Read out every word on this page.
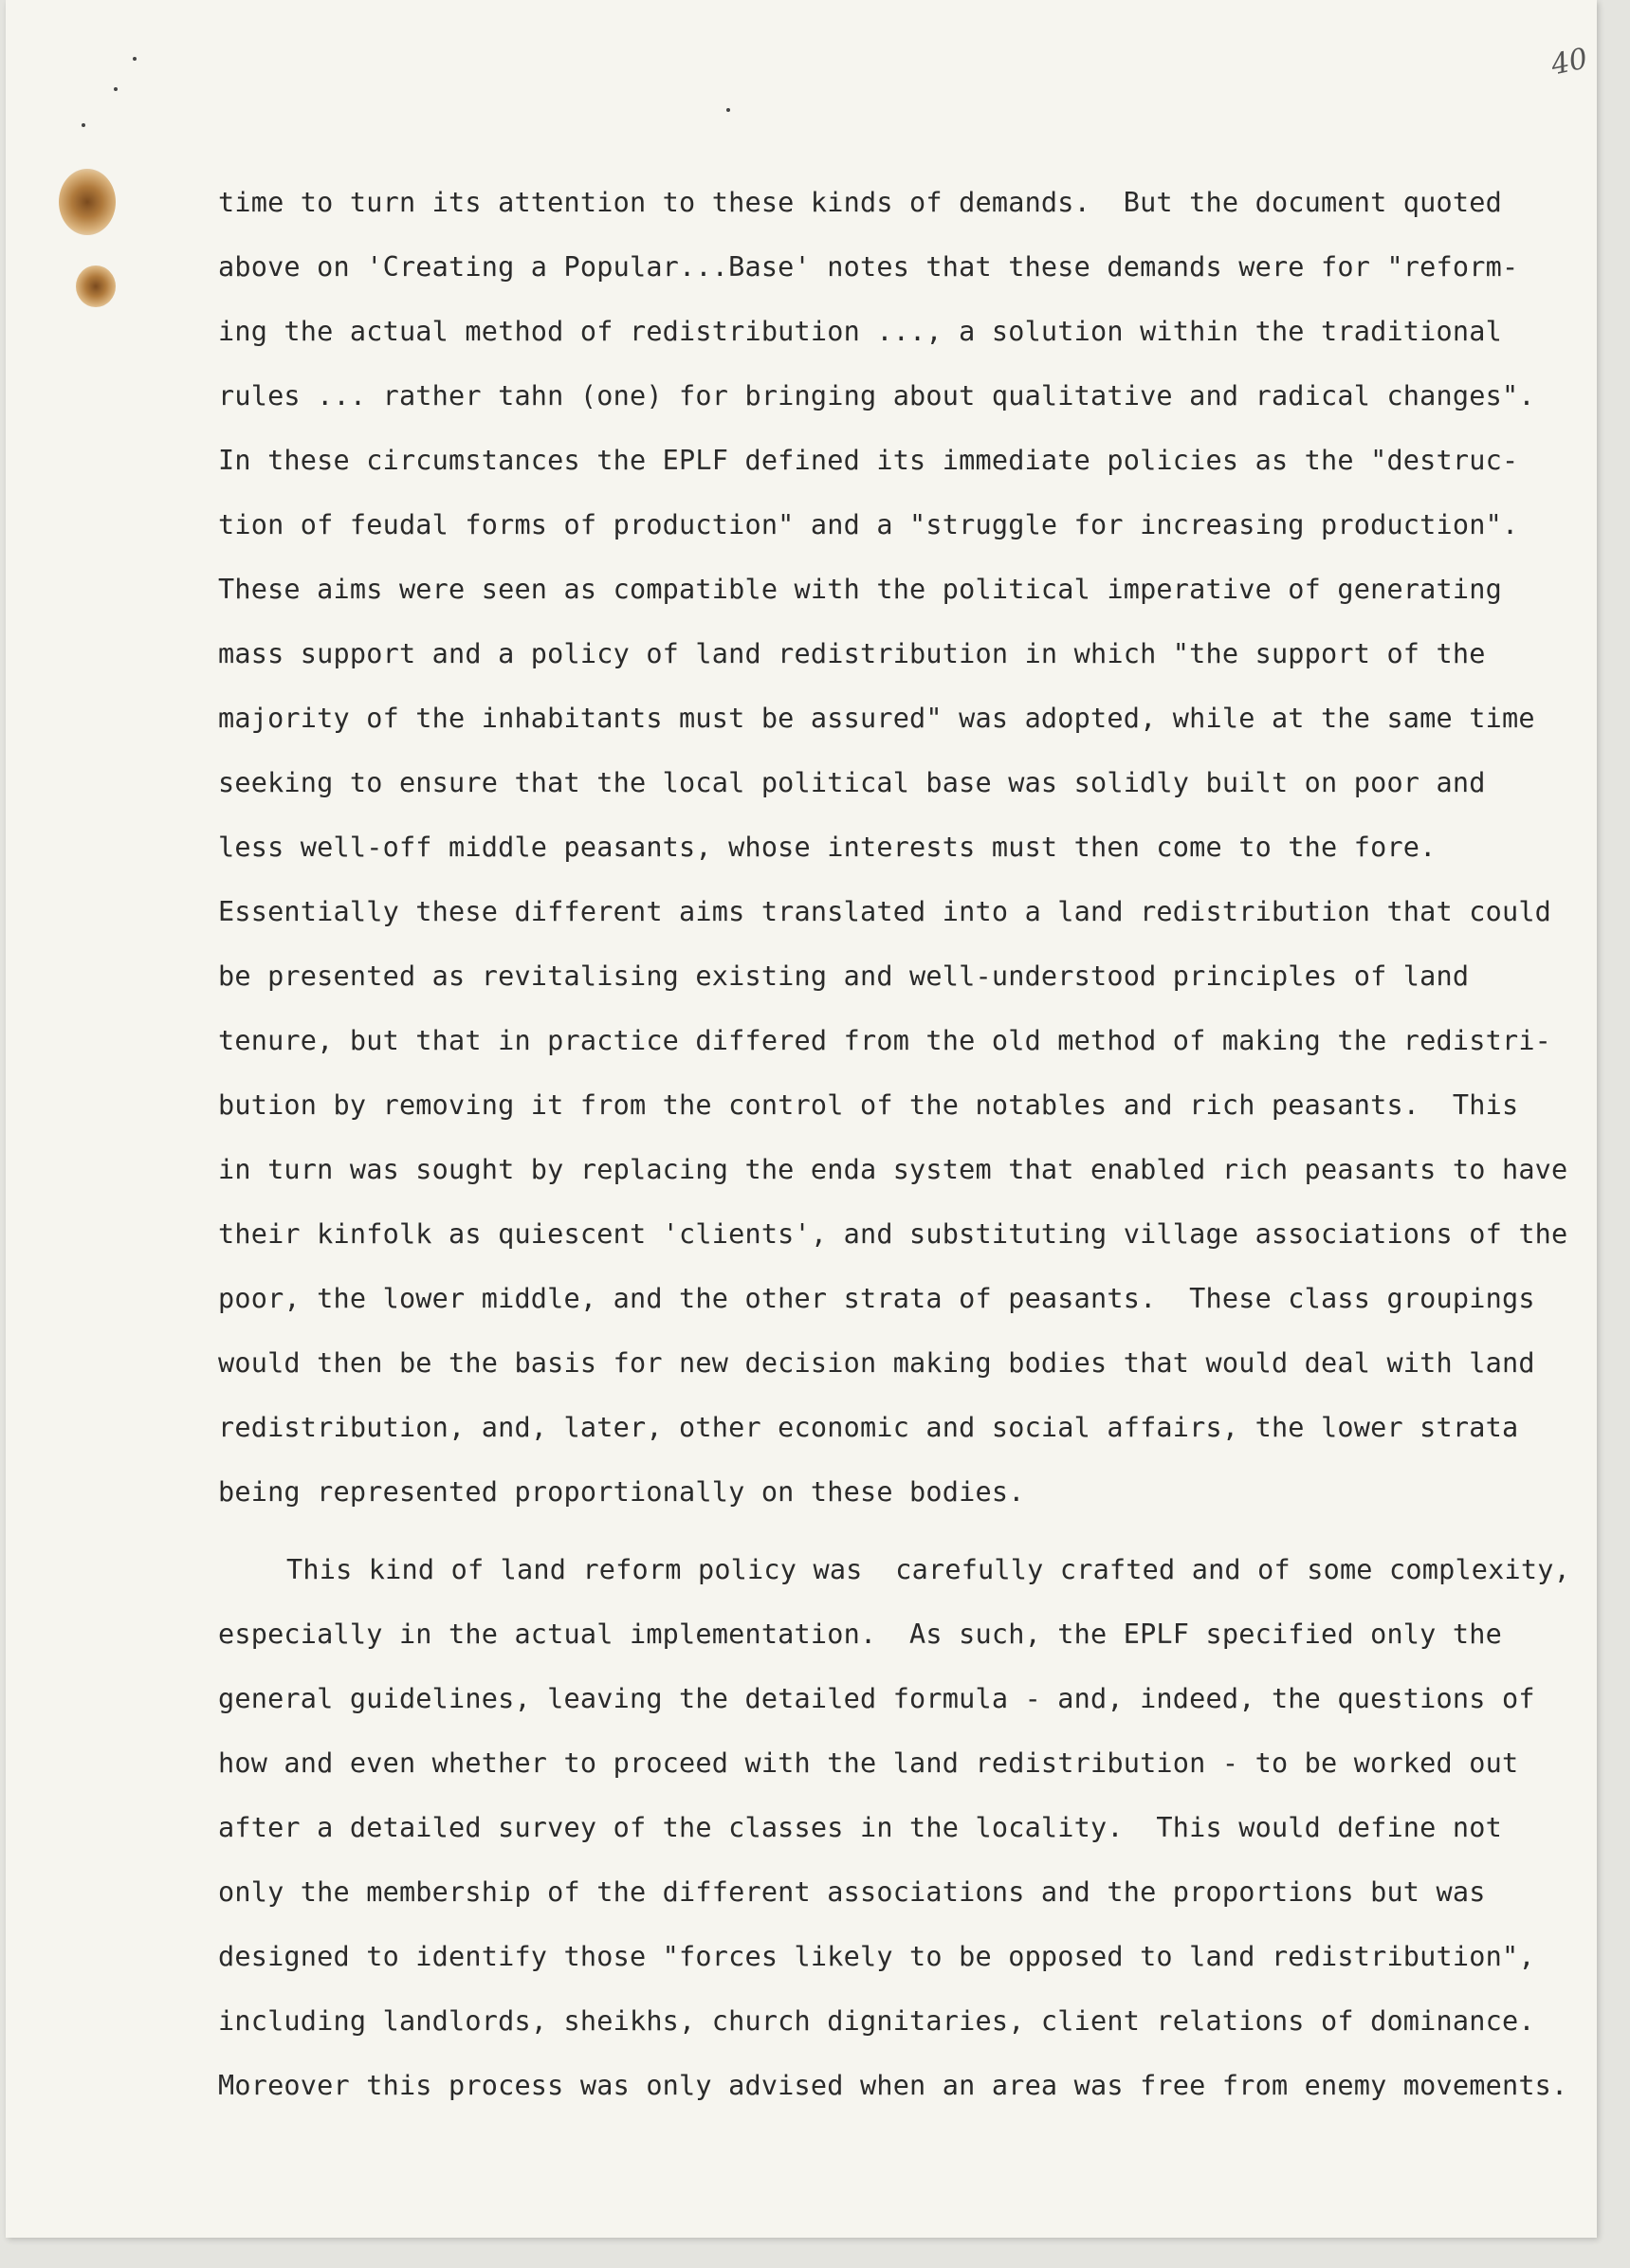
40
time to turn its attention to these kinds of demands.  But the document quoted
above on 'Creating a Popular...Base' notes that these demands were for "reform-
ing the actual method of redistribution ..., a solution within the traditional
rules ... rather tahn (one) for bringing about qualitative and radical changes".
In these circumstances the EPLF defined its immediate policies as the "destruc-
tion of feudal forms of production" and a "struggle for increasing production".
These aims were seen as compatible with the political imperative of generating
mass support and a policy of land redistribution in which "the support of the
majority of the inhabitants must be assured" was adopted, while at the same time
seeking to ensure that the local political base was solidly built on poor and
less well-off middle peasants, whose interests must then come to the fore.
Essentially these different aims translated into a land redistribution that could
be presented as revitalising existing and well-understood principles of land
tenure, but that in practice differed from the old method of making the redistri-
bution by removing it from the control of the notables and rich peasants.  This
in turn was sought by replacing the enda system that enabled rich peasants to have
their kinfolk as quiescent 'clients', and substituting village associations of the
poor, the lower middle, and the other strata of peasants.  These class groupings
would then be the basis for new decision making bodies that would deal with land
redistribution, and, later, other economic and social affairs, the lower strata
being represented proportionally on these bodies.
This kind of land reform policy was  carefully crafted and of some complexity,
especially in the actual implementation.  As such, the EPLF specified only the
general guidelines, leaving the detailed formula - and, indeed, the questions of
how and even whether to proceed with the land redistribution - to be worked out
after a detailed survey of the classes in the locality.  This would define not
only the membership of the different associations and the proportions but was
designed to identify those "forces likely to be opposed to land redistribution",
including landlords, sheikhs, church dignitaries, client relations of dominance.
Moreover this process was only advised when an area was free from enemy movements.
